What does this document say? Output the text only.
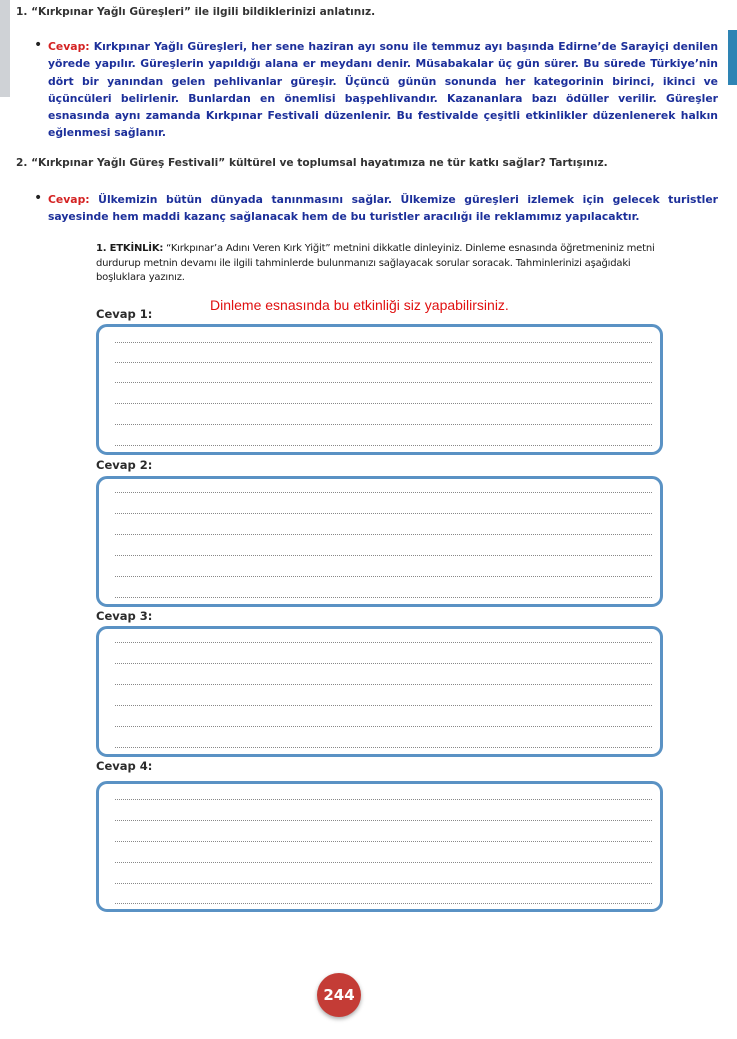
1. “Kırkpınar Yağlı Güreşleri” ile ilgili bildiklerinizi anlatınız.
• Cevap: Kırkpınar Yağlı Güreşleri, her sene haziran ayı sonu ile temmuz ayı başında Edirne’de Sarayiçi denilen yörede yapılır. Güreşlerin yapıldığı alana er meydanı denir. Müsabakalar üç gün sürer. Bu sürede Türkiye’nin dört bir yanından gelen pehlivanlar güreşir. Üçüncü günün sonunda her kategorinin birinci, ikinci ve üçüncüleri belirlenir. Bunlardan en önemlisi başpehlivandır. Kazananlara bazı ödüller verilir. Güreşler esnasında aynı zamanda Kırkpınar Festivali düzenlenir. Bu festivalde çeşitli etkinlikler düzenlenerek halkın eğlenmesi sağlanır.
2. “Kırkpınar Yağlı Güreş Festivali” kültürel ve toplumsal hayatımıza ne tür katkı sağlar? Tartışınız.
• Cevap: Ülkemizin bütün dünyada tanınmasını sağlar. Ülkemize güreşleri izlemek için gelecek turistler sayesinde hem maddi kazanç sağlanacak hem de bu turistler aracılığı ile reklamımız yapılacaktır.
1. ETKİNLİK: “Kırkpınar’a Adını Veren Kırk Yiğit” metnini dikkatle dinleyiniz. Dinleme esnasında öğretmeniniz metni durdurup metnin devamı ile ilgili tahminlerde bulunmanızı sağlayacak sorular soracak. Tahminlerinizi aşağıdaki boşluklara yazınız.
Dinleme esnasında bu etkinliği siz yapabilirsiniz.
Cevap 1:
Cevap 2:
Cevap 3:
Cevap 4:
244
